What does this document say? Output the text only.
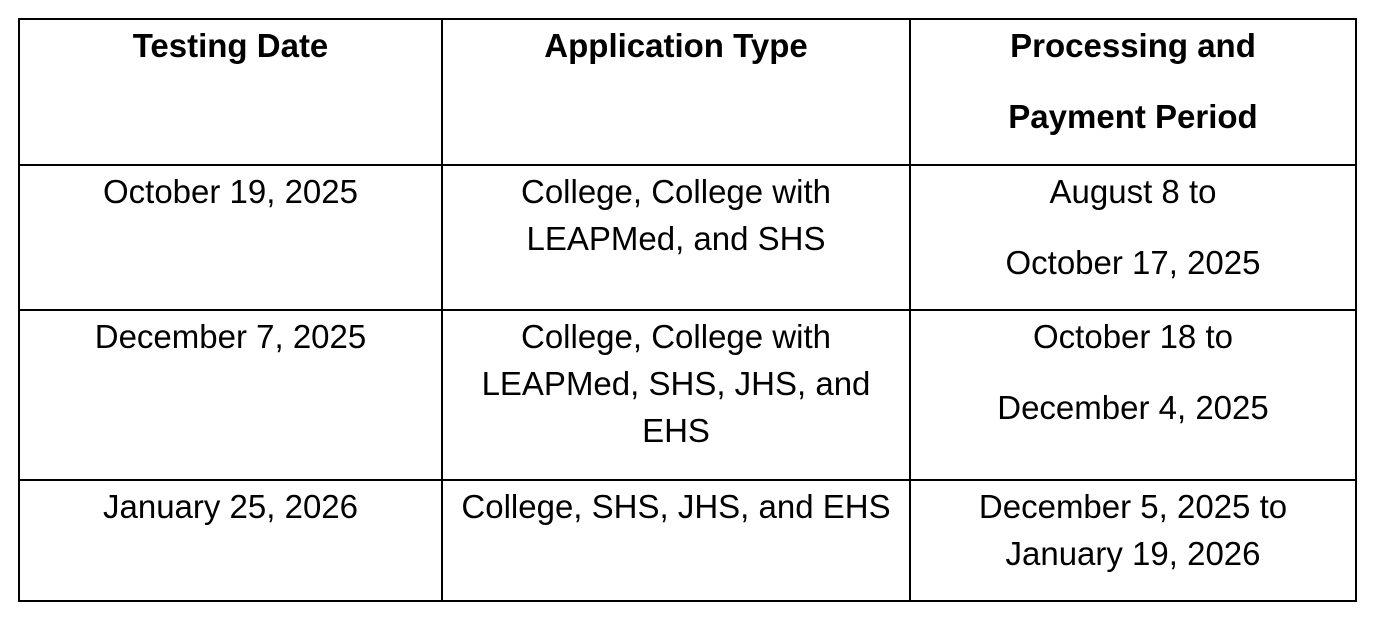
Testing Date	Application Type	Processing and
Payment Period

October 19, 2025	College, College with LEAPMed, and SHS	August 8 to
October 17, 2025

December 7, 2025	College, College with LEAPMed, SHS, JHS, and EHS	October 18 to
December 4, 2025

January 25, 2026	College, SHS, JHS, and EHS	December 5, 2025 to
January 19, 2026
